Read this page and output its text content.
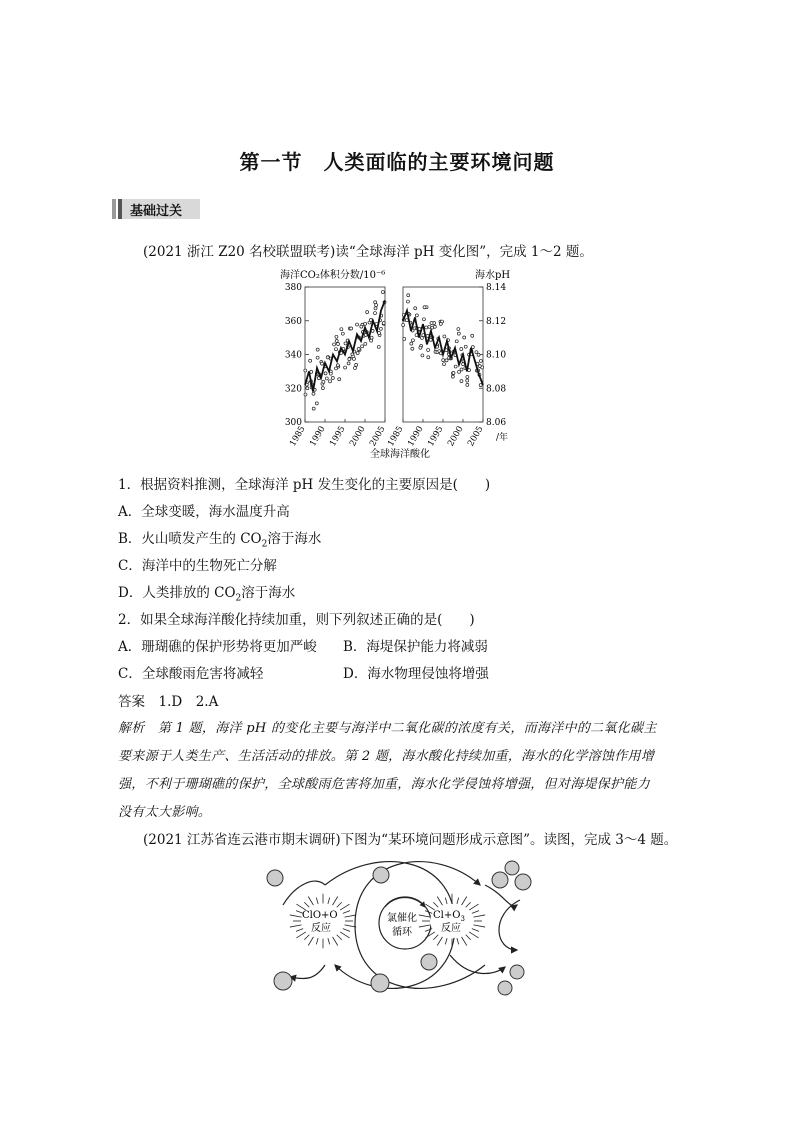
第一节　人类面临的主要环境问题
基础过关
(2021 浙江 Z20 名校联盟联考)读“全球海洋 pH 变化图”，完成 1～2 题。
海洋CO₂体积分数/10⁻⁶	海水pH
300
320
340
360
380
1985 1990 1995 2000 2005
8.06
8.08
8.10
8.12
8.14
1985 1990 1995 2000 2005 /年
全球海洋酸化
1．根据资料推测，全球海洋 pH 发生变化的主要原因是(　　)
A．全球变暖，海水温度升高
B．火山喷发产生的 $CO_2$溶于海水
C．海洋中的生物死亡分解
D．人类排放的 $CO_2$溶于海水
2．如果全球海洋酸化持续加重，则下列叙述正确的是(　　)
A．珊瑚礁的保护形势将更加严峻 B．海堤保护能力将减弱
C．全球酸雨危害将减轻	D．海水物理侵蚀将增强
答案　1.D　2.A
解析　第 1 题，海洋 pH 的变化主要与海洋中二氧化碳的浓度有关，而海洋中的二氧化碳主
要来源于人类生产、生活活动的排放。第 2 题，海水酸化持续加重，海水的化学溶蚀作用增
强，不利于珊瑚礁的保护，全球酸雨危害将加重，海水化学侵蚀将增强，但对海堤保护能力
没有太大影响。
(2021 江苏省连云港市期末调研)下图为“某环境问题形成示意图”。读图，完成 3～4 题。
氯催化
循环
ClO+O
反应
$Cl+O_3$
反应
